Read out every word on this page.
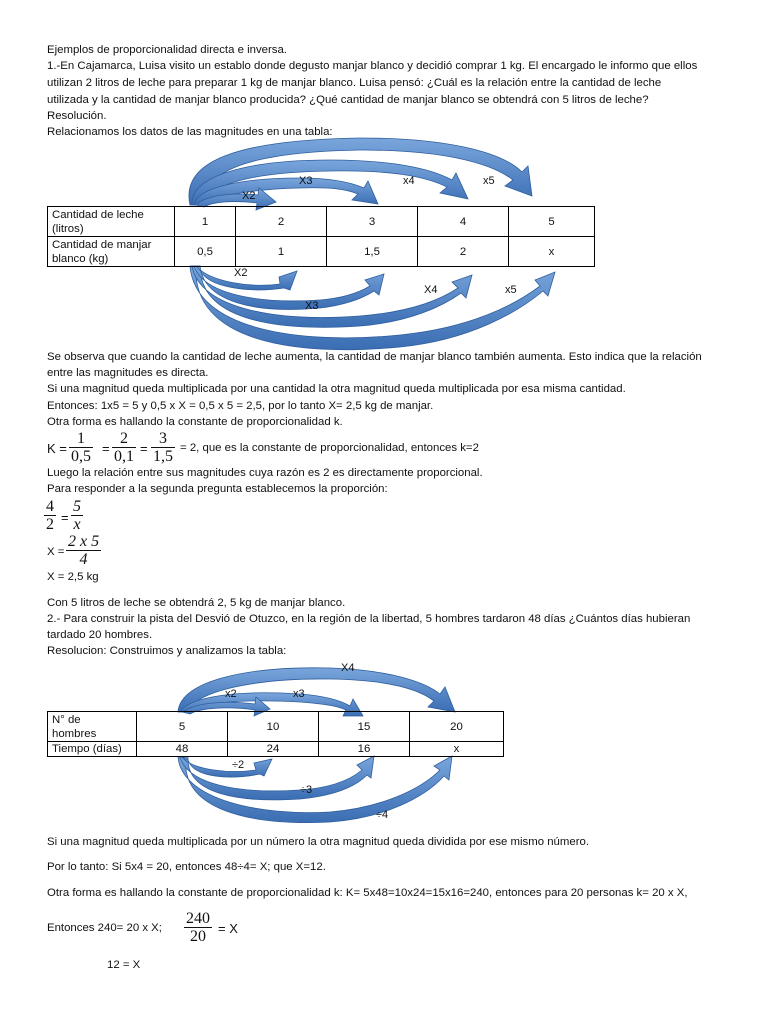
Ejemplos de proporcionalidad directa e inversa.
1.-En Cajamarca, Luisa visito un establo donde degusto manjar blanco y decidió comprar 1 kg. El encargado le informo que ellos
utilizan 2 litros de leche para preparar 1 kg de manjar blanco. Luisa pensó: ¿Cuál es la relación entre la cantidad de leche
utilizada y la cantidad de manjar blanco producida? ¿Qué cantidad de manjar blanco se obtendrá con 5 litros de leche?
Resolución.
Relacionamos los datos de las magnitudes en una tabla:
X2
X3	x4	x5
X2
X3
X4	x5
Cantidad de leche
(litros)	1	2	3	4	5
Cantidad de manjar
blanco (kg)	0,5	1	1,5	2	x
Se observa que cuando la cantidad de leche aumenta, la cantidad de manjar blanco también aumenta. Esto indica que la relación
entre las magnitudes es directa.
Si una magnitud queda multiplicada por una cantidad la otra magnitud queda multiplicada por esa misma cantidad.
Entonces: 1x5 = 5 y 0,5 x X = 0,5 x 5 = 2,5, por lo tanto X= 2,5 kg de manjar.
Otra forma es hallando la constante de proporcionalidad k.
$K = \frac{1}{0,5} = \frac{2}{0,1} = \frac{3}{1,5} = 2$, que es la constante de proporcionalidad, entonces k=2
Luego la relación entre sus magnitudes cuya razón es 2 es directamente proporcional.
Para responder a la segunda pregunta establecemos la proporción:
$\frac{4}{2} = \frac{5}{x}$
$X = \frac{2 x 5}{4}$
X = 2,5 kg
Con 5 litros de leche se obtendrá 2, 5 kg de manjar blanco.
2.- Para construir la pista del Desvió de Otuzco, en la región de la libertad, 5 hombres tardaron 48 días ¿Cuántos días hubieran
tardado 20 hombres.
Resolucion: Construimos y analizamos la tabla:
X4
x2	x3
÷2
÷3
÷4
N° de
hombres	5	10	15	20
Tiempo (días)	48	24	16	x
Si una magnitud queda multiplicada por un número la otra magnitud queda dividida por ese mismo número.
Por lo tanto: Si 5x4 = 20, entonces 48÷4= X; que X=12.
Otra forma es hallando la constante de proporcionalidad k: K= 5x48=10x24=15x16=240, entonces para 20 personas k= 20 x X,
Entonces 240= 20 x X; $\frac{240}{20} = X$
12 = X
